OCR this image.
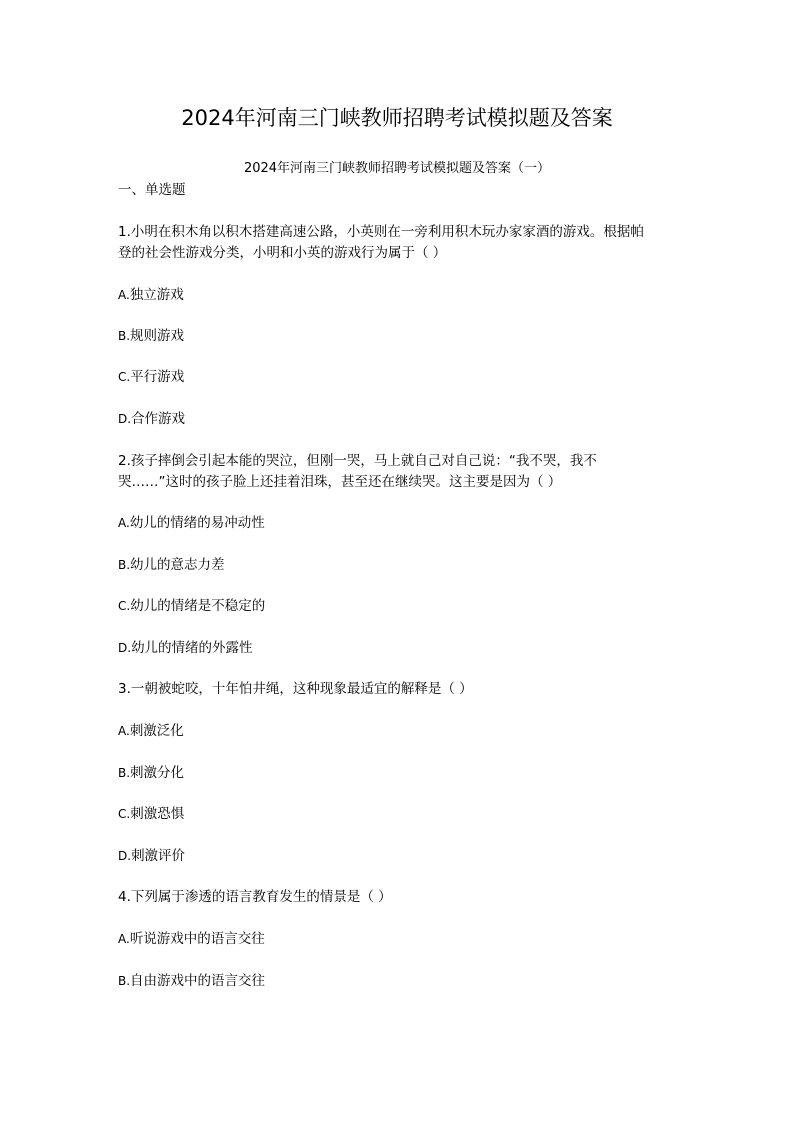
2024年河南三门峡教师招聘考试模拟题及答案
2024年河南三门峡教师招聘考试模拟题及答案（一）
一、单选题
1.小明在积木角以积木搭建高速公路，小英则在一旁利用积木玩办家家酒的游戏。根据帕
登的社会性游戏分类，小明和小英的游戏行为属于（ ）
A.独立游戏
B.规则游戏
C.平行游戏
D.合作游戏
2.孩子摔倒会引起本能的哭泣，但刚一哭，马上就自己对自己说：“我不哭，我不
哭……”这时的孩子脸上还挂着泪珠，甚至还在继续哭。这主要是因为（ ）
A.幼儿的情绪的易冲动性
B.幼儿的意志力差
C.幼儿的情绪是不稳定的
D.幼儿的情绪的外露性
3.一朝被蛇咬，十年怕井绳，这种现象最适宜的解释是（ ）
A.刺激泛化
B.刺激分化
C.刺激恐惧
D.刺激评价
4.下列属于渗透的语言教育发生的情景是（ ）
A.听说游戏中的语言交往
B.自由游戏中的语言交往
